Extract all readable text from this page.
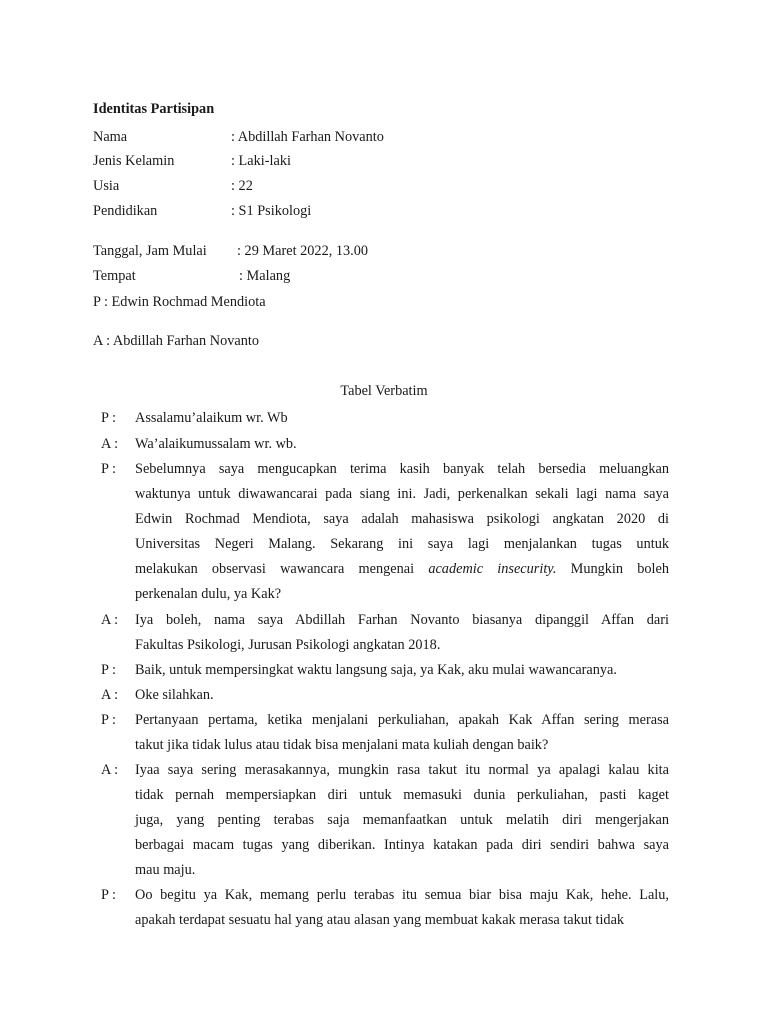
Identitas Partisipan
Nama	: Abdillah Farhan Novanto
Jenis Kelamin	: Laki-laki
Usia	: 22
Pendidikan	: S1 Psikologi
Tanggal, Jam Mulai : 29 Maret 2022, 13.00
Tempat	: Malang
P : Edwin Rochmad Mendiota
A : Abdillah Farhan Novanto
Tabel Verbatim
P :	Assalamu’alaikum wr. Wb
A :	Wa’alaikumussalam wr. wb.
P :	Sebelumnya saya mengucapkan terima kasih banyak telah bersedia meluangkan
waktunya untuk diwawancarai pada siang ini. Jadi, perkenalkan sekali lagi nama saya
Edwin Rochmad Mendiota, saya adalah mahasiswa psikologi angkatan 2020 di
Universitas Negeri Malang. Sekarang ini saya lagi menjalankan tugas untuk
melakukan observasi wawancara mengenai academic insecurity. Mungkin boleh
perkenalan dulu, ya Kak?
A :	Iya boleh, nama saya Abdillah Farhan Novanto biasanya dipanggil Affan dari
Fakultas Psikologi, Jurusan Psikologi angkatan 2018.
P :	Baik, untuk mempersingkat waktu langsung saja, ya Kak, aku mulai wawancaranya.
A :	Oke silahkan.
P :	Pertanyaan pertama, ketika menjalani perkuliahan, apakah Kak Affan sering merasa
takut jika tidak lulus atau tidak bisa menjalani mata kuliah dengan baik?
A :	Iyaa saya sering merasakannya, mungkin rasa takut itu normal ya apalagi kalau kita
tidak pernah mempersiapkan diri untuk memasuki dunia perkuliahan, pasti kaget
juga, yang penting terabas saja memanfaatkan untuk melatih diri mengerjakan
berbagai macam tugas yang diberikan. Intinya katakan pada diri sendiri bahwa saya
mau maju.
P :	Oo begitu ya Kak, memang perlu terabas itu semua biar bisa maju Kak, hehe. Lalu,
apakah terdapat sesuatu hal yang atau alasan yang membuat kakak merasa takut tidak
